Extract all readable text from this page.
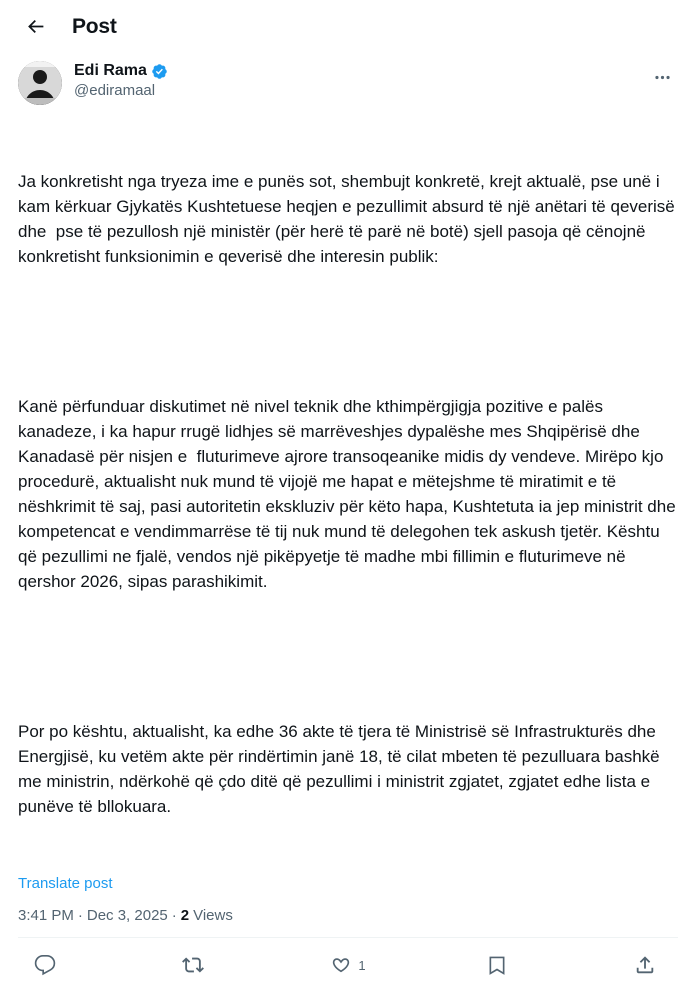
Post
Edi Rama
@ediramaal

Ja konkretisht nga tryeza ime e punës sot, shembujt konkretë, krejt aktualë, pse unë i kam kërkuar Gjykatës Kushtetuese heqjen e pezullimit absurd të një anëtari të qeverisë dhe  pse të pezullosh një ministër (për herë të parë në botë) sjell pasoja që cënojnë konkretisht funksionimin e qeverisë dhe interesin publik:

Kanë përfunduar diskutimet në nivel teknik dhe kthimpërgjigja pozitive e palës kanadeze, i ka hapur rrugë lidhjes së marrëveshjes dypalëshe mes Shqipërisë dhe Kanadasë për nisjen e  fluturimeve ajrore transoqeanike midis dy vendeve. Mirëpo kjo procedurë, aktualisht nuk mund të vijojë me hapat e mëtejshme të miratimit e të nëshkrimit të saj, pasi autoritetin ekskluziv për këto hapa, Kushtetuta ia jep ministrit dhe kompetencat e vendimmarrëse të tij nuk mund të delegohen tek askush tjetër. Kështu që pezullimi ne fjalë, vendos një pikëpyetje të madhe mbi fillimin e fluturimeve në qershor 2026, sipas parashikimit.

Por po kështu, aktualisht, ka edhe 36 akte të tjera të Ministrisë së Infrastrukturës dhe Energjisë, ku vetëm akte për rindërtimin janë 18, të cilat mbeten të pezulluara bashkë me ministrin, ndërkohë që çdo ditë që pezullimi i ministrit zgjatet, zgjatet edhe lista e punëve të bllokuara.

Translate post
3:41 PM · Dec 3, 2025 · 2 Views
1
